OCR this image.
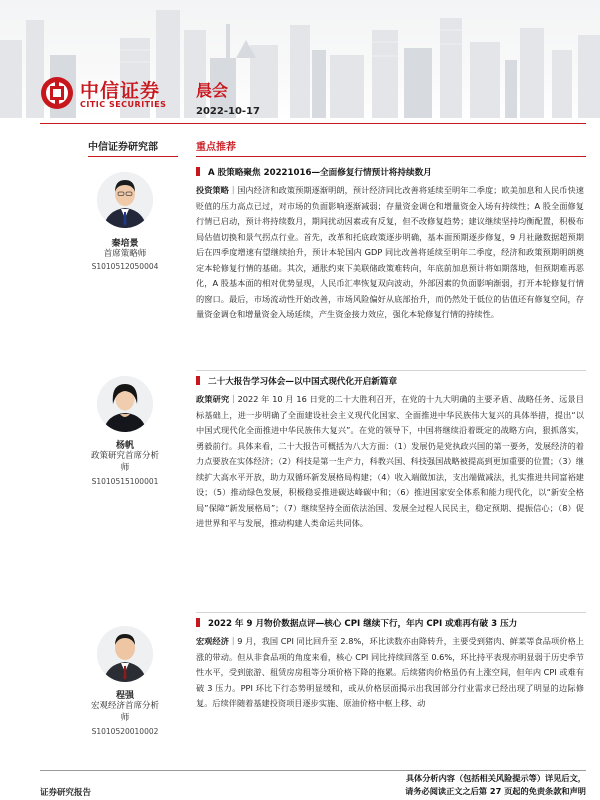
中信证券
CITIC SECURITIES
晨会
2022-10-17
中信证券研究部	重点推荐
秦培景
首席策略师
S1010512050004
杨帆
政策研究首席分析师
S1010515100001
程强
宏观经济首席分析师
S1010520010002
A 股策略聚焦 20221016—全面修复行情预计将持续数月
投资策略｜国内经济和政策预期逐渐明朗，预计经济同比改善将延续至明年二季度；欧美加息和人民币快速贬值的压力高点已过，对市场的负面影响逐渐减弱；存量资金调仓和增量资金入场有持续性；A 股全面修复行情已启动，预计将持续数月，期间扰动因素或有反复，但不改修复趋势；建议继续坚持均衡配置，积极布局估值切换和景气拐点行业。首先，改革和托底政策逐步明确，基本面预期逐步修复，9 月社融数据超预期后在四季度增速有望继续抬升，预计本轮国内 GDP 同比改善将延续至明年二季度，经济和政策预期明朗奠定本轮修复行情的基础。其次，通胀约束下美联储政策难转向，年底前加息预计将如期落地，但预期难再恶化，A 股基本面的相对优势显现，人民币汇率恢复双向波动，外部因素的负面影响渐弱，打开本轮修复行情的窗口。最后，市场流动性开始改善，市场风险偏好从底部抬升，而仍然处于低位的估值还有修复空间，存量资金调仓和增量资金入场延续，产生资金接力效应，强化本轮修复行情的持续性。
二十大报告学习体会—以中国式现代化开启新篇章
政策研究｜2022 年 10 月 16 日党的二十大胜利召开，在党的十九大明确的主要矛盾、战略任务、远景目标基础上，进一步明确了全面建设社会主义现代化国家、全面推进中华民族伟大复兴的具体举措，提出“以中国式现代化全面推进中华民族伟大复兴”。在党的领导下，中国将继续沿着既定的战略方向，狠抓落实，勇毅前行。具体来看，二十大报告可概括为八大方面：（1）发展仍是党执政兴国的第一要务，发展经济的着力点要放在实体经济；（2）科技是第一生产力，科教兴国、科技强国战略被提高到更加重要的位置；（3）继续扩大高水平开放，助力双循环新发展格局构建；（4）收入端做加法，支出端做减法，扎实推进共同富裕建设；（5）推动绿色发展，积极稳妥推进碳达峰碳中和；（6）推进国家安全体系和能力现代化，以“新安全格局”保障“新发展格局”；（7）继续坚持全面依法治国、发展全过程人民民主，稳定预期、提振信心；（8）促进世界和平与发展，推动构建人类命运共同体。
2022 年 9 月物价数据点评—核心 CPI 继续下行，年内 CPI 或难再有破 3 压力
宏观经济｜9 月，我国 CPI 同比回升至 2.8%，环比读数亦由降转升，主要受到猪肉、鲜菜等食品项价格上涨的带动。但从非食品项的角度来看，核心 CPI 同比持续回落至 0.6%，环比持平表现亦明显弱于历史季节性水平，受到旅游、租赁房房租等分项价格下降的拖累。后续猪肉价格虽仍有上涨空间，但年内 CPI 或难有破 3 压力。PPI 环比下行态势明显缓和，或从价格层面揭示出我国部分行业需求已经出现了明显的边际修复。后续伴随着基建投资项目逐步实施、原油价格中枢上移、动
证券研究报告
具体分析内容（包括相关风险提示等）详见后文，
请务必阅读正文之后第 27 页起的免责条款和声明
